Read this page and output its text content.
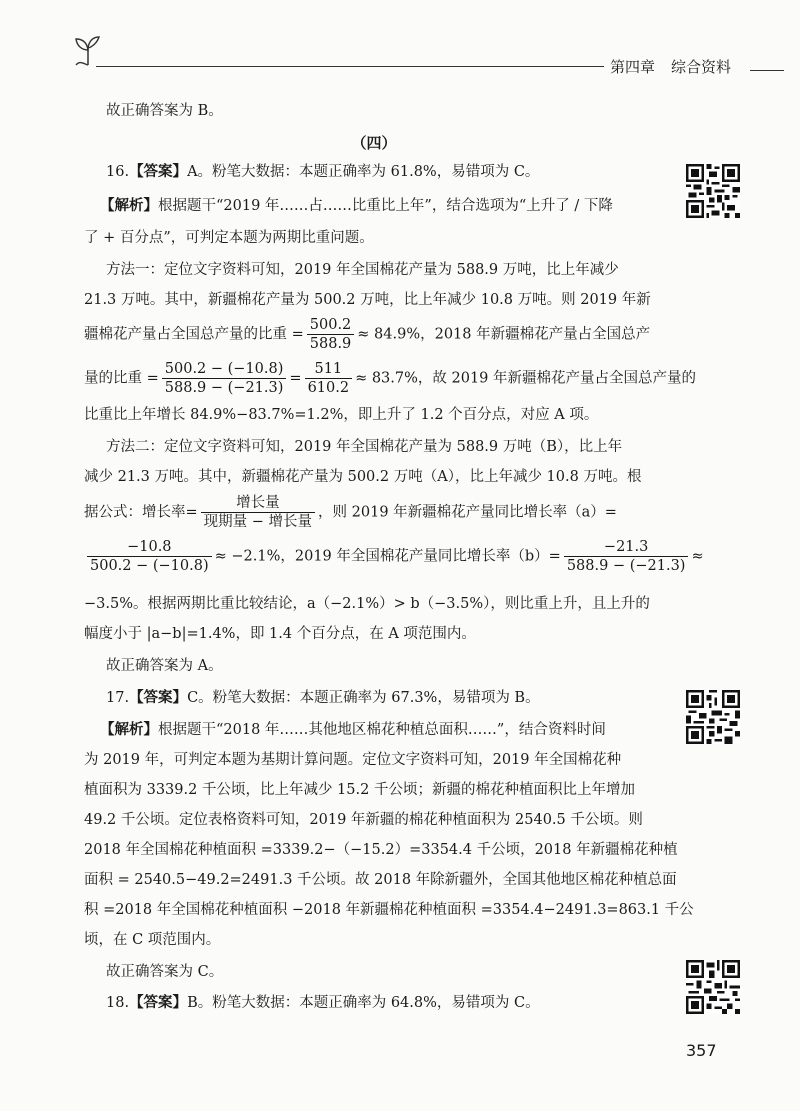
第四章 综合资料
故正确答案为 B。
（四）
16.【答案】A。粉笔大数据：本题正确率为 61.8%，易错项为 C。
【解析】根据题干“2019 年……占……比重比上年”，结合选项为“上升了 / 下降
了 + 百分点”，可判定本题为两期比重问题。
方法一：定位文字资料可知，2019 年全国棉花产量为 588.9 万吨，比上年减少
21.3 万吨。其中，新疆棉花产量为 500.2 万吨，比上年减少 10.8 万吨。则 2019 年新
疆棉花产量占全国总产量的比重 = $\frac{500.2}{588.9} \approx 84.9\%$，2018 年新疆棉花产量占全国总产
量的比重 = $\frac{500.2 - (-10.8)}{588.9 - (-21.3)} = \frac{511}{610.2} \approx 83.7\%$，故 2019 年新疆棉花产量占全国总产量的
比重比上年增长 84.9%−83.7%=1.2%，即上升了 1.2 个百分点，对应 A 项。
方法二：定位文字资料可知，2019 年全国棉花产量为 588.9 万吨（B），比上年
减少 21.3 万吨。其中，新疆棉花产量为 500.2 万吨（A），比上年减少 10.8 万吨。根
据公式：增长率= $\frac{\text{增长量}}{\text{现期量 − 增长量}}$ ，则 2019 年新疆棉花产量同比增长率（a）=
$\frac{-10.8}{500.2 - (-10.8)} \approx -2.1\%$，2019 年全国棉花产量同比增长率$(b)= \frac{-21.3}{588.9 - (-21.3)}$ ≈
−3.5%。根据两期比重比较结论，a（−2.1%）> b（−3.5%），则比重上升，且上升的
幅度小于 |a−b|=1.4%，即 1.4 个百分点，在 A 项范围内。
故正确答案为 A。
17.【答案】C。粉笔大数据：本题正确率为 67.3%，易错项为 B。
【解析】根据题干“2018 年……其他地区棉花种植总面积……”，结合资料时间
为 2019 年，可判定本题为基期计算问题。定位文字资料可知，2019 年全国棉花种
植面积为 3339.2 千公顷，比上年减少 15.2 千公顷；新疆的棉花种植面积比上年增加
49.2 千公顷。定位表格资料可知，2019 年新疆的棉花种植面积为 2540.5 千公顷。则
2018 年全国棉花种植面积 =3339.2−（−15.2）=3354.4 千公顷，2018 年新疆棉花种植
面积 = 2540.5−49.2=2491.3 千公顷。故 2018 年除新疆外，全国其他地区棉花种植总面
积 =2018 年全国棉花种植面积 −2018 年新疆棉花种植面积 =3354.4−2491.3=863.1 千公
顷，在 C 项范围内。
故正确答案为 C。
18.【答案】B。粉笔大数据：本题正确率为 64.8%，易错项为 C。
357
